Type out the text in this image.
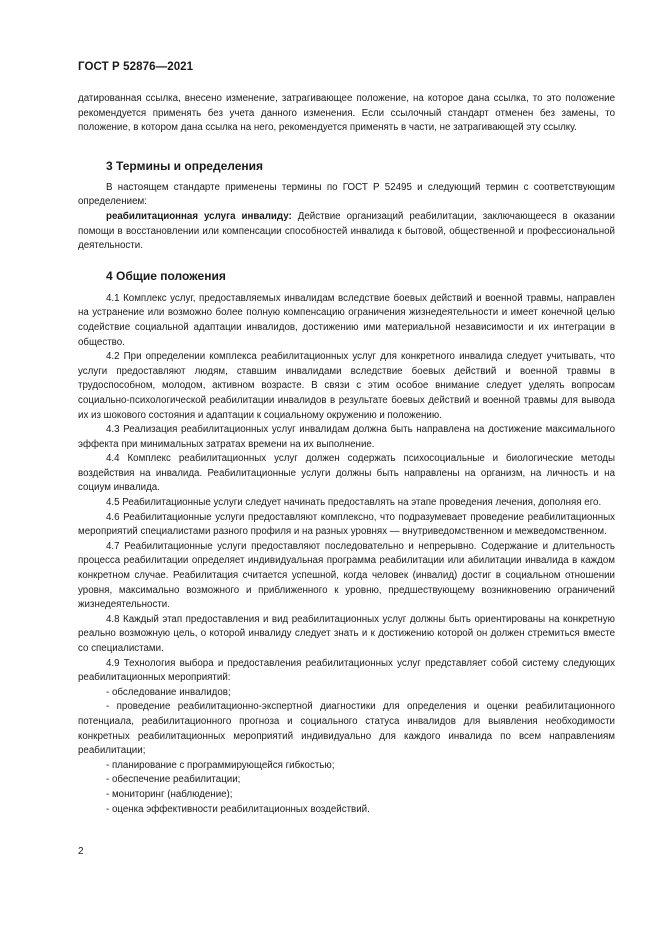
ГОСТ Р 52876—2021

датированная ссылка, внесено изменение, затрагивающее положение, на которое дана ссылка, то это положение рекомендуется применять без учета данного изменения. Если ссылочный стандарт отменен без замены, то положение, в котором дана ссылка на него, рекомендуется применять в части, не затрагивающей эту ссылку.

3 Термины и определения

В настоящем стандарте применены термины по ГОСТ Р 52495 и следующий термин с соответствующим определением:

реабилитационная услуга инвалиду: Действие организаций реабилитации, заключающееся в оказании помощи в восстановлении или компенсации способностей инвалида к бытовой, общественной и профессиональной деятельности.

4 Общие положения

4.1 Комплекс услуг, предоставляемых инвалидам вследствие боевых действий и военной травмы, направлен на устранение или возможно более полную компенсацию ограничения жизнедеятельности и имеет конечной целью содействие социальной адаптации инвалидов, достижению ими материальной независимости и их интеграции в общество.

4.2 При определении комплекса реабилитационных услуг для конкретного инвалида следует учитывать, что услуги предоставляют людям, ставшим инвалидами вследствие боевых действий и военной травмы в трудоспособном, молодом, активном возрасте. В связи с этим особое внимание следует уделять вопросам социально-психологической реабилитации инвалидов в результате боевых действий и военной травмы для вывода их из шокового состояния и адаптации к социальному окружению и положению.

4.3 Реализация реабилитационных услуг инвалидам должна быть направлена на достижение максимального эффекта при минимальных затратах времени на их выполнение.

4.4 Комплекс реабилитационных услуг должен содержать психосоциальные и биологические методы воздействия на инвалида. Реабилитационные услуги должны быть направлены на организм, на личность и на социум инвалида.

4.5 Реабилитационные услуги следует начинать предоставлять на этапе проведения лечения, дополняя его.

4.6 Реабилитационные услуги предоставляют комплексно, что подразумевает проведение реабилитационных мероприятий специалистами разного профиля и на разных уровнях — внутриведомственном и межведомственном.

4.7 Реабилитационные услуги предоставляют последовательно и непрерывно. Содержание и длительность процесса реабилитации определяет индивидуальная программа реабилитации или абилитации инвалида в каждом конкретном случае. Реабилитация считается успешной, когда человек (инвалид) достиг в социальном отношении уровня, максимально возможного и приближенного к уровню, предшествующему возникновению ограничений жизнедеятельности.

4.8 Каждый этап предоставления и вид реабилитационных услуг должны быть ориентированы на конкретную реально возможную цель, о которой инвалиду следует знать и к достижению которой он должен стремиться вместе со специалистами.

4.9 Технология выбора и предоставления реабилитационных услуг представляет собой систему следующих реабилитационных мероприятий:

- обследование инвалидов;

- проведение реабилитационно-экспертной диагностики для определения и оценки реабилитационного потенциала, реабилитационного прогноза и социального статуса инвалидов для выявления необходимости конкретных реабилитационных мероприятий индивидуально для каждого инвалида по всем направлениям реабилитации;

- планирование с программирующейся гибкостью;

- обеспечение реабилитации;

- мониторинг (наблюдение);

- оценка эффективности реабилитационных воздействий.

2
